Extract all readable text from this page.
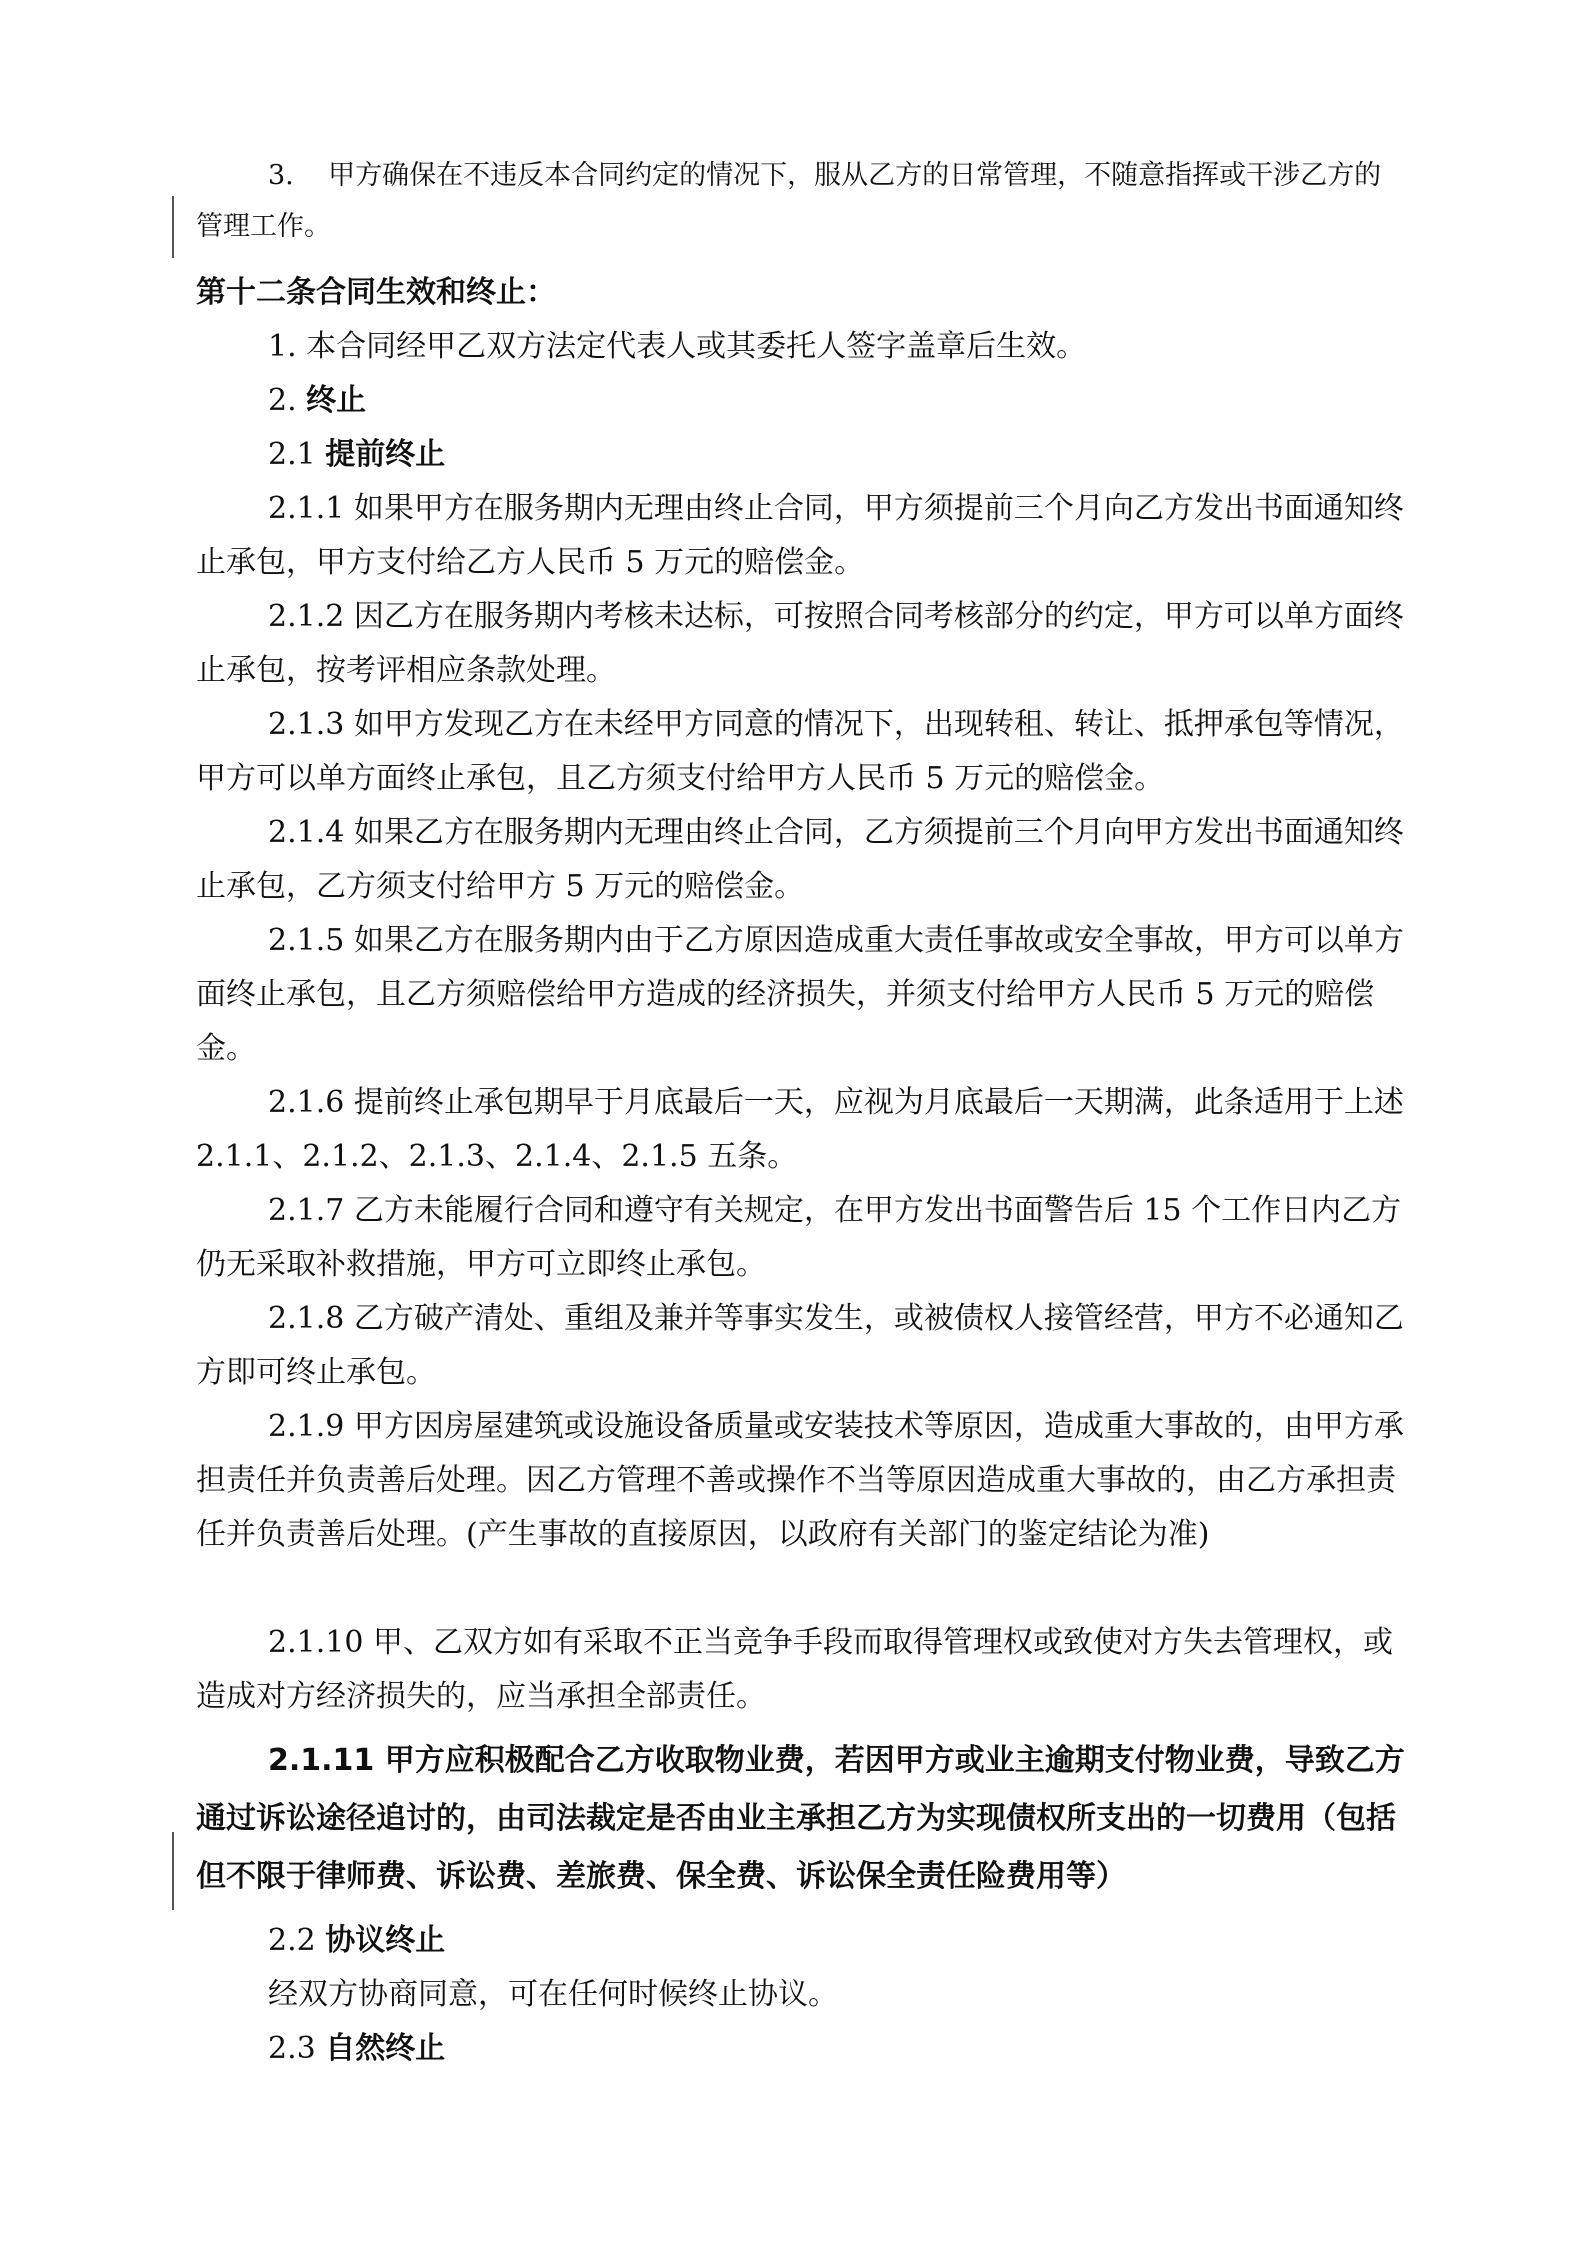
3. 甲方确保在不违反本合同约定的情况下，服从乙方的日常管理，不随意指挥或干涉乙方的管理工作。

第十二条合同生效和终止：

1. 本合同经甲乙双方法定代表人或其委托人签字盖章后生效。

2. 终止

2.1 提前终止

2.1.1 如果甲方在服务期内无理由终止合同，甲方须提前三个月向乙方发出书面通知终止承包，甲方支付给乙方人民币 5 万元的赔偿金。

2.1.2 因乙方在服务期内考核未达标，可按照合同考核部分的约定，甲方可以单方面终止承包，按考评相应条款处理。

2.1.3 如甲方发现乙方在未经甲方同意的情况下，出现转租、转让、抵押承包等情况，甲方可以单方面终止承包，且乙方须支付给甲方人民币 5 万元的赔偿金。

2.1.4 如果乙方在服务期内无理由终止合同，乙方须提前三个月向甲方发出书面通知终止承包，乙方须支付给甲方 5 万元的赔偿金。

2.1.5 如果乙方在服务期内由于乙方原因造成重大责任事故或安全事故，甲方可以单方面终止承包，且乙方须赔偿给甲方造成的经济损失，并须支付给甲方人民币 5 万元的赔偿金。

2.1.6 提前终止承包期早于月底最后一天，应视为月底最后一天期满，此条适用于上述 2.1.1、2.1.2、2.1.3、2.1.4、2.1.5 五条。

2.1.7 乙方未能履行合同和遵守有关规定，在甲方发出书面警告后 15 个工作日内乙方仍无采取补救措施，甲方可立即终止承包。

2.1.8 乙方破产清处、重组及兼并等事实发生，或被债权人接管经营，甲方不必通知乙方即可终止承包。

2.1.9 甲方因房屋建筑或设施设备质量或安装技术等原因，造成重大事故的，由甲方承担责任并负责善后处理。因乙方管理不善或操作不当等原因造成重大事故的，由乙方承担责任并负责善后处理。(产生事故的直接原因，以政府有关部门的鉴定结论为准)

2.1.10 甲、乙双方如有采取不正当竞争手段而取得管理权或致使对方失去管理权，或造成对方经济损失的，应当承担全部责任。

2.1.11 甲方应积极配合乙方收取物业费，若因甲方或业主逾期支付物业费，导致乙方通过诉讼途径追讨的，由司法裁定是否由业主承担乙方为实现债权所支出的一切费用（包括但不限于律师费、诉讼费、差旅费、保全费、诉讼保全责任险费用等）

2.2 协议终止

经双方协商同意，可在任何时候终止协议。

2.3 自然终止
